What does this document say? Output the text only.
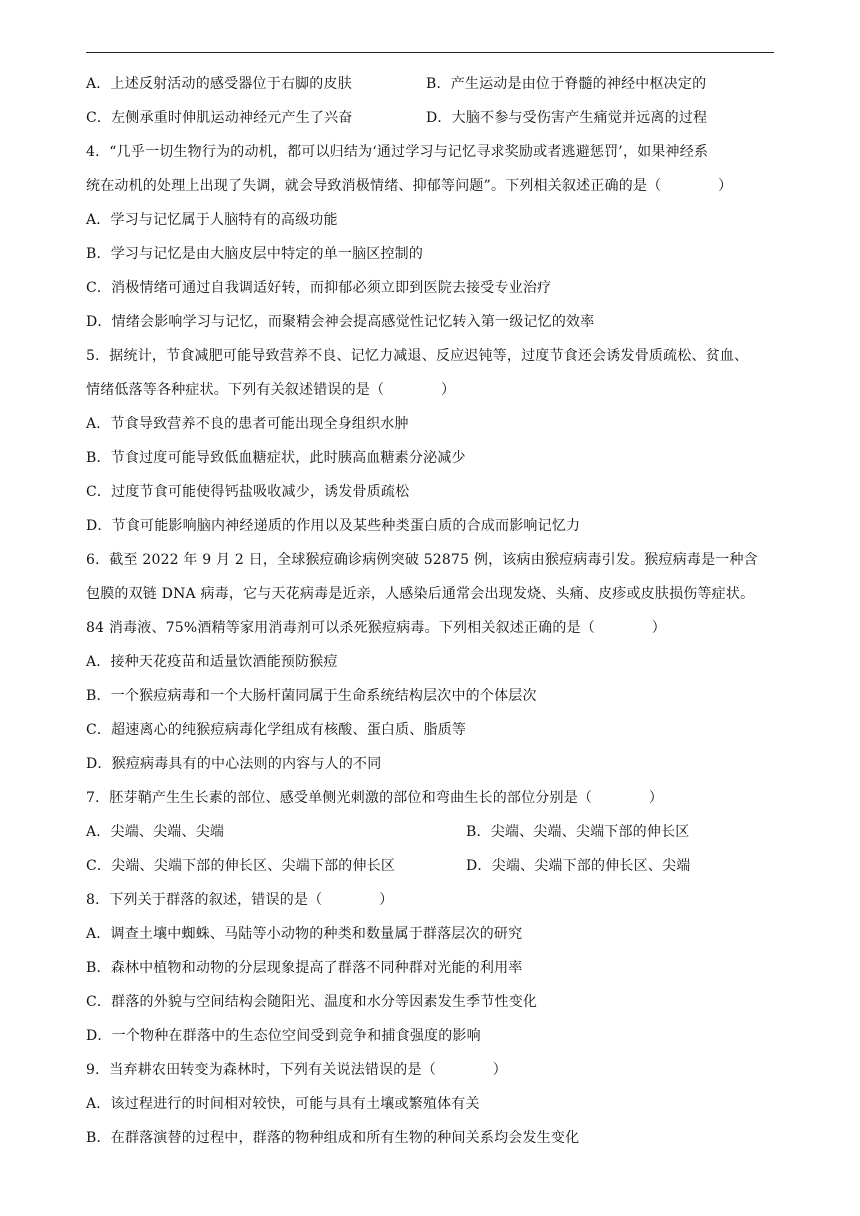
A．上述反射活动的感受器位于右脚的皮肤	B．产生运动是由位于脊髓的神经中枢决定的
C．左侧承重时伸肌运动神经元产生了兴奋	D．大脑不参与受伤害产生痛觉并远离的过程
4．“几乎一切生物行为的动机，都可以归结为‘通过学习与记忆寻求奖励或者逃避惩罚’，如果神经系
统在动机的处理上出现了失调，就会导致消极情绪、抑郁等问题”。下列相关叙述正确的是（　　　　）
A．学习与记忆属于人脑特有的高级功能
B．学习与记忆是由大脑皮层中特定的单一脑区控制的
C．消极情绪可通过自我调适好转，而抑郁必须立即到医院去接受专业治疗
D．情绪会影响学习与记忆，而聚精会神会提高感觉性记忆转入第一级记忆的效率
5．据统计，节食减肥可能导致营养不良、记忆力减退、反应迟钝等，过度节食还会诱发骨质疏松、贫血、
情绪低落等各种症状。下列有关叙述错误的是（　　　　）
A．节食导致营养不良的患者可能出现全身组织水肿
B．节食过度可能导致低血糖症状，此时胰高血糖素分泌减少
C．过度节食可能使得钙盐吸收减少，诱发骨质疏松
D．节食可能影响脑内神经递质的作用以及某些种类蛋白质的合成而影响记忆力
6．截至 2022 年 9 月 2 日，全球猴痘确诊病例突破 52875 例，该病由猴痘病毒引发。猴痘病毒是一种含
包膜的双链 DNA 病毒，它与天花病毒是近亲，人感染后通常会出现发烧、头痛、皮疹或皮肤损伤等症状。
84 消毒液、75%酒精等家用消毒剂可以杀死猴痘病毒。下列相关叙述正确的是（　　　　）
A．接种天花疫苗和适量饮酒能预防猴痘
B．一个猴痘病毒和一个大肠杆菌同属于生命系统结构层次中的个体层次
C．超速离心的纯猴痘病毒化学组成有核酸、蛋白质、脂质等
D．猴痘病毒具有的中心法则的内容与人的不同
7．胚芽鞘产生生长素的部位、感受单侧光刺激的部位和弯曲生长的部位分别是（　　　　）
A．尖端、尖端、尖端	B．尖端、尖端、尖端下部的伸长区
C．尖端、尖端下部的伸长区、尖端下部的伸长区	D．尖端、尖端下部的伸长区、尖端
8．下列关于群落的叙述，错误的是（　　　　）
A．调查土壤中蜘蛛、马陆等小动物的种类和数量属于群落层次的研究
B．森林中植物和动物的分层现象提高了群落不同种群对光能的利用率
C．群落的外貌与空间结构会随阳光、温度和水分等因素发生季节性变化
D．一个物种在群落中的生态位空间受到竞争和捕食强度的影响
9．当弃耕农田转变为森林时，下列有关说法错误的是（　　　　）
A．该过程进行的时间相对较快，可能与具有土壤或繁殖体有关
B．在群落演替的过程中，群落的物种组成和所有生物的种间关系均会发生变化
